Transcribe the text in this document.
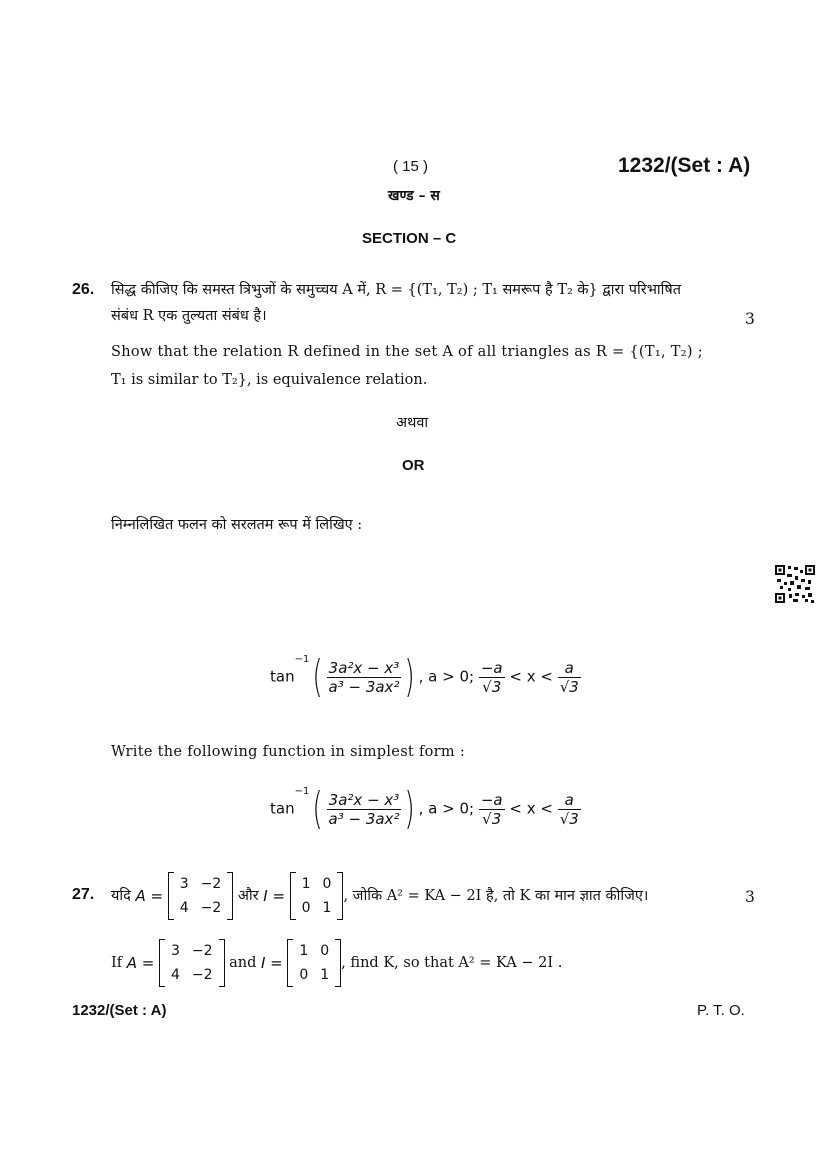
( 15 )	1232/(Set : A)
खण्ड – स
SECTION – C
26. सिद्ध कीजिए कि समस्त त्रिभुजों के समुच्चय A में, R = {(T₁, T₂) ; T₁ समरूप है T₂ के} द्वारा परिभाषित
संबंध R एक तुल्यता संबंध है।	3
Show that the relation R defined in the set A of all triangles as R = {(T₁, T₂) ;
T₁ is similar to T₂}, is equivalence relation.
अथवा
OR
निम्नलिखित फलन को सरलतम रूप में लिखिए :
$\tan^{-1}( \frac{\text{3a²x − x³}}{\text{a³ − 3ax²}}$ ) , a > 0; $\frac{-a}{√3} < x < \frac{a}{√3}$
Write the following function in simplest form :
$\tan^{-1}( \frac{\text{3a²x − x³}}{\text{a³ − 3ax²}}$ ) , a > 0; $\frac{-a}{√3} < x < \frac{a}{√3}$
27. यदि A =
3	−2
4	−2
और I =
1	0
0	1
, जोकि A² = KA − 2I है, तो K का मान ज्ञात कीजिए।	3
If A =
3	−2
4	−2
and I =
1	0
0	1
, find K, so that A² = KA − 2I .
1232/(Set : A)	P. T. O.
